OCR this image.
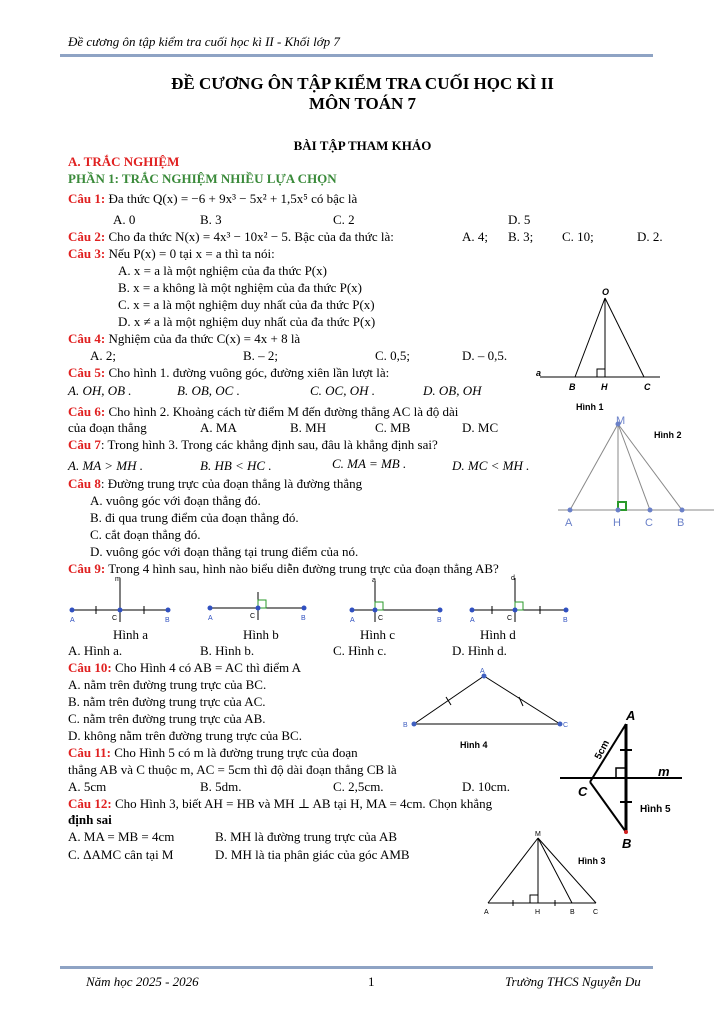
Đề cương ôn tập kiểm tra cuối học kì II - Khối lớp 7
ĐỀ CƯƠNG ÔN TẬP KIỂM TRA CUỐI HỌC KÌ II
MÔN TOÁN 7
BÀI TẬP THAM KHẢO
A. TRẮC NGHIỆM
PHẦN 1: TRẮC NGHIỆM NHIỀU LỰA CHỌN
Câu 1: Đa thức Q(x) = −6 + 9x³ − 5x² + 1,5x⁵ có bậc là
A. 0	B. 3	C. 2	D. 5
Câu 2: Cho đa thức N(x) = 4x³ − 10x² − 5. Bậc của đa thức là:	A. 4; B. 3; C. 10;	D. 2.
Câu 3: Nếu P(x) = 0 tại x = a thì ta nói:
A. x = a là một nghiệm của đa thức P(x)
B. x = a không là một nghiệm của đa thức P(x)
C. x = a là một nghiệm duy nhất của đa thức P(x)
D. x ≠ a là một nghiệm duy nhất của đa thức P(x)
Câu 4: Nghiệm của đa thức C(x) = 4x + 8 là
A. 2;	B. – 2;	C. 0,5;	D. – 0,5.
Câu 5: Cho hình 1. đường vuông góc, đường xiên lần lượt là:
A. OH, OB .	B. OB, OC .	C. OC, OH .	D. OB, OH
Câu 6: Cho hình 2. Khoảng cách từ điểm M đến đường thẳng AC là độ dài
của đoạn thẳng	A. MA	B. MH	C. MB	D. MC
Câu 7: Trong hình 3. Trong các khẳng định sau, đâu là khẳng định sai?
A. MA > MH .	B. HB < HC .	C. MA = MB .	D. MC < MH .
Câu 8: Đường trung trực của đoạn thẳng là đường thẳng
A. vuông góc với đoạn thẳng đó.
B. đi qua trung điểm của đoạn thẳng đó.
C. cắt đoạn thẳng đó.
D. vuông góc với đoạn thẳng tại trung điểm của nó.
Câu 9: Trong 4 hình sau, hình nào biểu diễn đường trung trực của đoạn thẳng AB?
m
A	C	B	A	C	B
a
A	C	B
d
A	C	B
Hình a	Hình b	Hình c	Hình d
A. Hình a.	B. Hình b.	C. Hình c.	D. Hình d.
Câu 10: Cho Hình 4 có AB = AC thì điểm A
A. nằm trên đường trung trực của BC.
B. nằm trên đường trung trực của AC.
C. nằm trên đường trung trực của AB.
D. không nằm trên đường trung trực của BC.
Câu 11: Cho Hình 5 có m là đường trung trực của đoạn
thẳng AB và C thuộc m, AC = 5cm thì độ dài đoạn thẳng CB là
A. 5cm	B. 5dm.	C. 2,5cm.	D. 10cm.
Câu 12: Cho Hình 3, biết AH = HB và MH ⊥ AB tại H, MA = 4cm. Chọn khẳng
định sai
A. MA = MB = 4cm	B. MH là đường trung trực của AB
C. ΔAMC cân tại M	D. MH là tia phân giác của góc AMB
O
a
B	H	C
Hình 1
M
A	H C B
Hình 2
A
B	C
Hình 4
A
B
C
m
5cm
Hình 5
M
A	H	B	C
Hình 3
Năm học 2025 - 2026	1	Trường THCS Nguyễn Du
